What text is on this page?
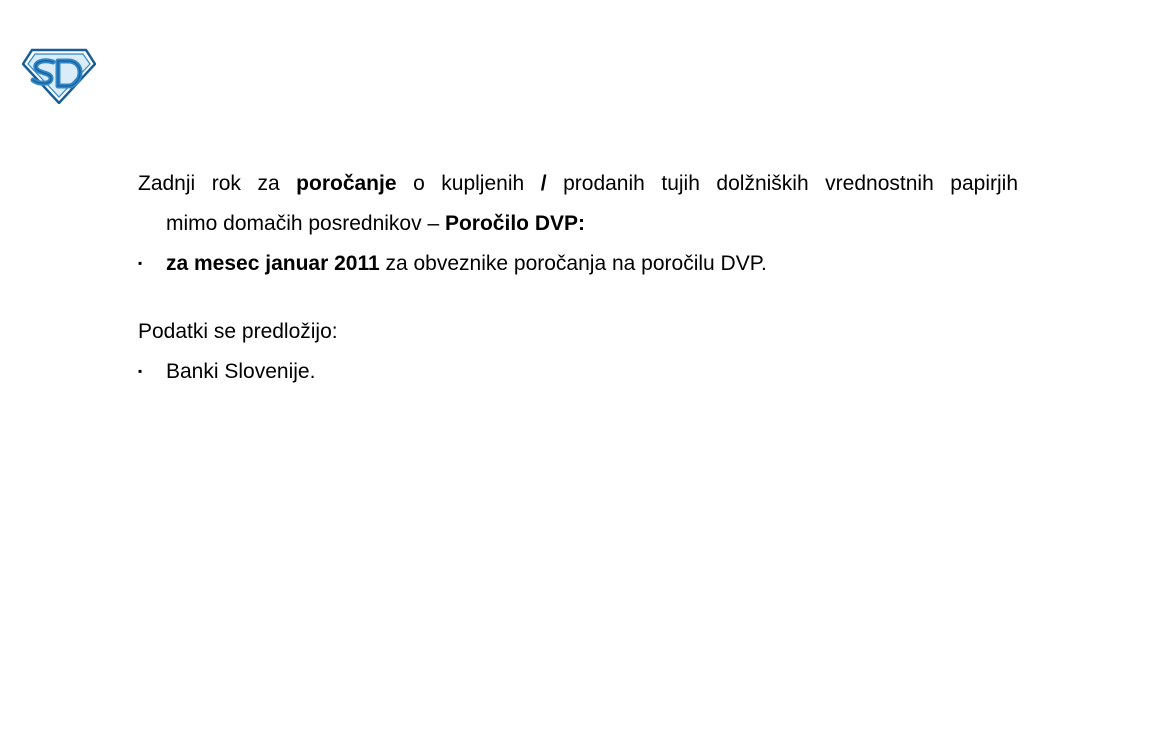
Zadnji rok za poročanje o kupljenih / prodanih tujih dolžniških vrednostnih papirjih
mimo domačih posrednikov – Poročilo DVP:

▪	za mesec januar 2011 za obveznike poročanja na poročilu DVP.

Podatki se predložijo:

▪	Banki Slovenije.
